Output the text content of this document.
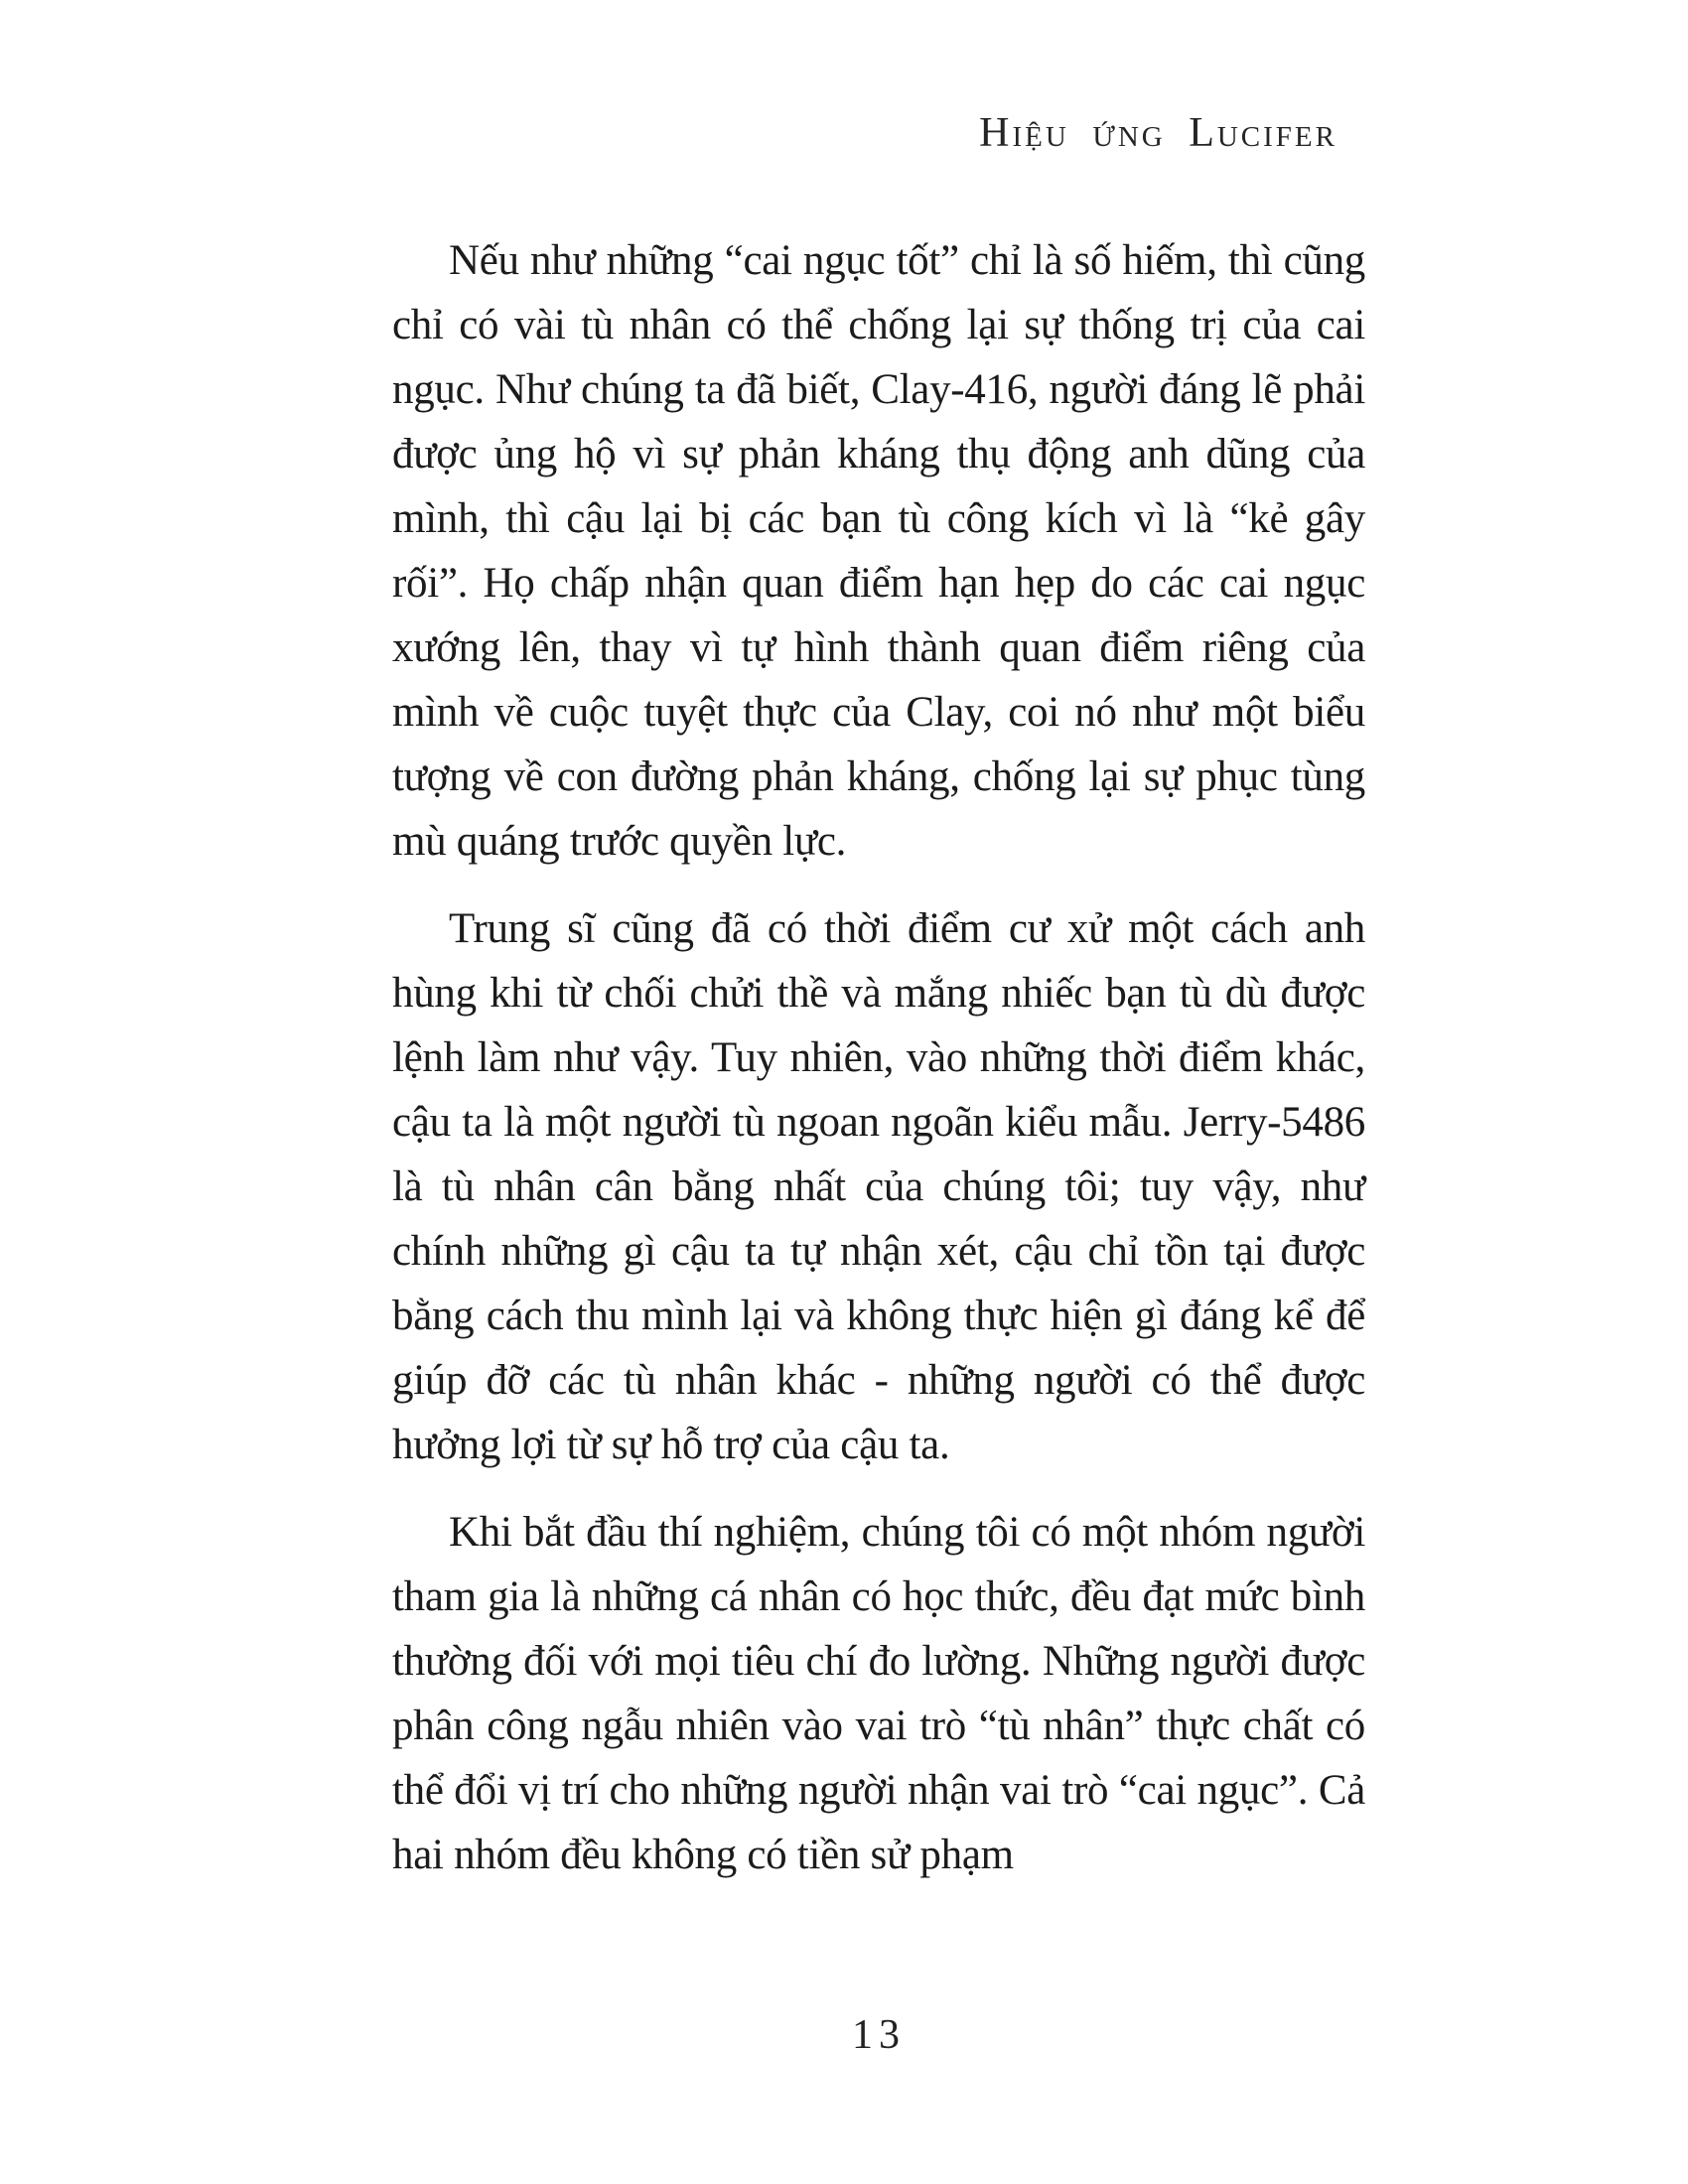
Hiệu ứng Lucifer

Nếu như những “cai ngục tốt” chỉ là số hiếm, thì cũng chỉ có vài tù nhân có thể chống lại sự thống trị của cai ngục. Như chúng ta đã biết, Clay-416, người đáng lẽ phải được ủng hộ vì sự phản kháng thụ động anh dũng của mình, thì cậu lại bị các bạn tù công kích vì là “kẻ gây rối”. Họ chấp nhận quan điểm hạn hẹp do các cai ngục xướng lên, thay vì tự hình thành quan điểm riêng của mình về cuộc tuyệt thực của Clay, coi nó như một biểu tượng về con đường phản kháng, chống lại sự phục tùng mù quáng trước quyền lực.

Trung sĩ cũng đã có thời điểm cư xử một cách anh hùng khi từ chối chửi thề và mắng nhiếc bạn tù dù được lệnh làm như vậy. Tuy nhiên, vào những thời điểm khác, cậu ta là một người tù ngoan ngoãn kiểu mẫu. Jerry-5486 là tù nhân cân bằng nhất của chúng tôi; tuy vậy, như chính những gì cậu ta tự nhận xét, cậu chỉ tồn tại được bằng cách thu mình lại và không thực hiện gì đáng kể để giúp đỡ các tù nhân khác - những người có thể được hưởng lợi từ sự hỗ trợ của cậu ta.

Khi bắt đầu thí nghiệm, chúng tôi có một nhóm người tham gia là những cá nhân có học thức, đều đạt mức bình thường đối với mọi tiêu chí đo lường. Những người được phân công ngẫu nhiên vào vai trò “tù nhân” thực chất có thể đổi vị trí cho những người nhận vai trò “cai ngục”. Cả hai nhóm đều không có tiền sử phạm

13
